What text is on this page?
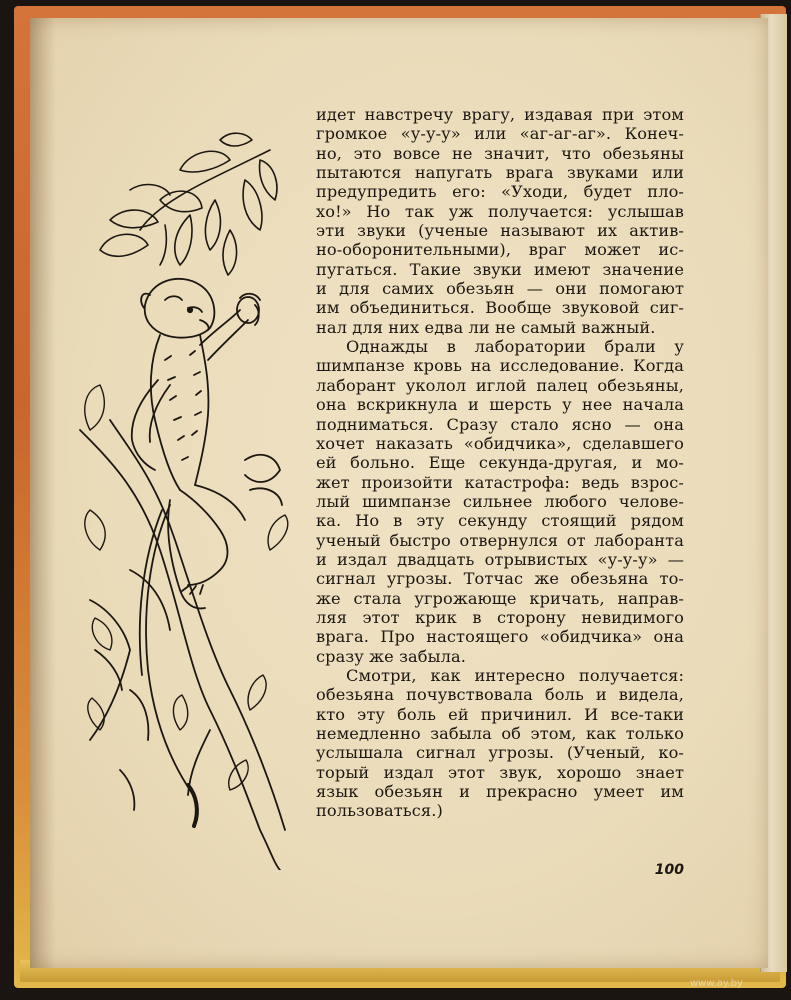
идет навстречу врагу, издавая при этом
громкое «у-у-у» или «аг-аг-аг». Конеч-
но, это вовсе не значит, что обезьяны
пытаются напугать врага звуками или
предупредить его: «Уходи, будет пло-
хо!» Но так уж получается: услышав
эти звуки (ученые называют их актив‑
но-оборонительными), враг может ис-
пугаться. Такие звуки имеют значение
и для самих обезьян — они помогают
им объединиться. Вообще звуковой сиг-
нал для них едва ли не самый важный.
Однажды в лаборатории брали у
шимпанзе кровь на исследование. Когда
лаборант уколол иглой палец обезьяны,
она вскрикнула и шерсть у нее начала
подниматься. Сразу стало ясно — она
хочет наказать «обидчика», сделавшего
ей больно. Еще секунда-другая, и мо-
жет произойти катастрофа: ведь взрос-
лый шимпанзе сильнее любого челове-
ка. Но в эту секунду стоящий рядом
ученый быстро отвернулся от лаборанта
и издал двадцать отрывистых «у-у-у» —
сигнал угрозы. Тотчас же обезьяна то-
же стала угрожающе кричать, направ-
ляя этот крик в сторону невидимого
врага. Про настоящего «обидчика» она
сразу же забыла.
Смотри, как интересно получается:
обезьяна почувствовала боль и видела,
кто эту боль ей причинил. И все-таки
немедленно забыла об этом, как только
услышала сигнал угрозы. (Ученый, ко-
торый издал этот звук, хорошо знает
язык обезьян и прекрасно умеет им
пользоваться.)
100
www.ay.by
